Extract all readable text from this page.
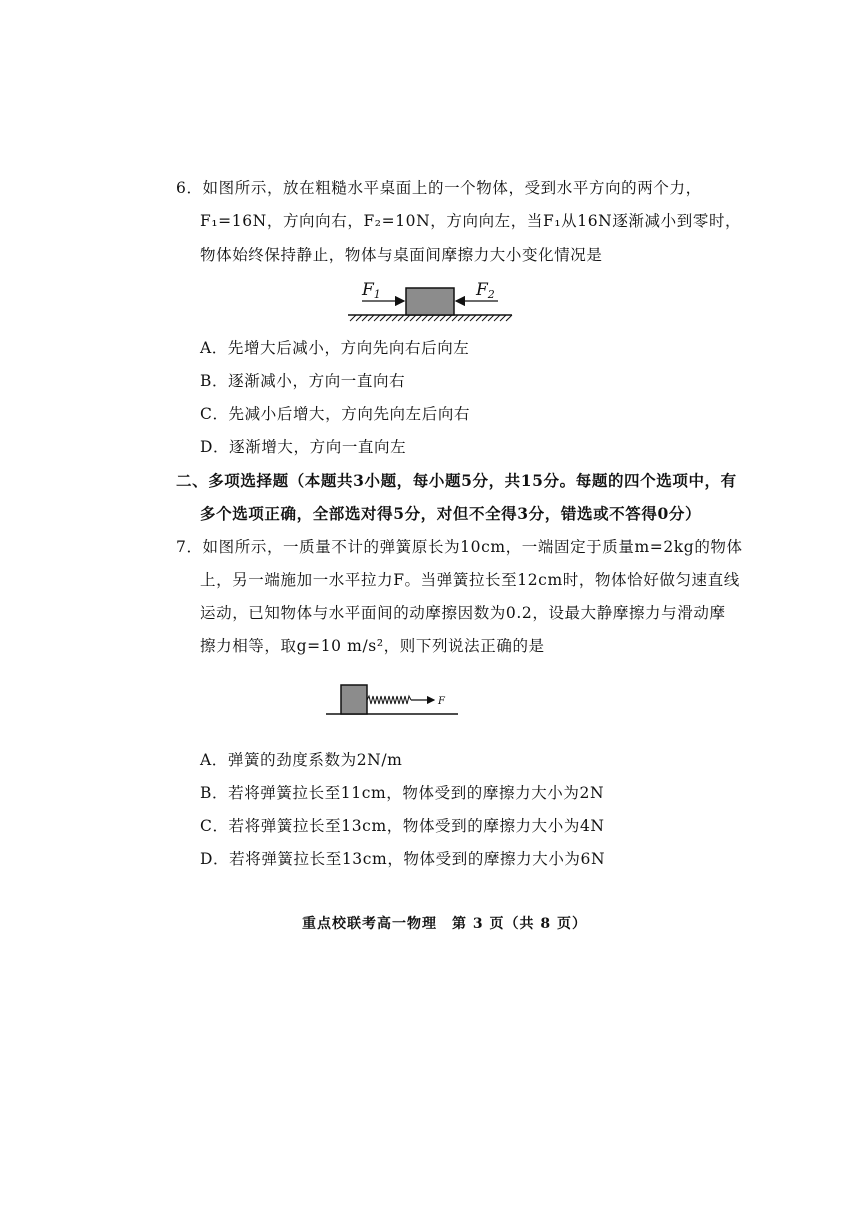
6．如图所示，放在粗糙水平桌面上的一个物体，受到水平方向的两个力，
F₁=16N，方向向右，F₂=10N，方向向左，当F₁从16N逐渐减小到零时，
物体始终保持静止，物体与桌面间摩擦力大小变化情况是
F1	F2
A．先增大后减小，方向先向右后向左
B．逐渐减小，方向一直向右
C．先减小后增大，方向先向左后向右
D．逐渐增大，方向一直向左
二、多项选择题（本题共3小题，每小题5分，共15分。每题的四个选项中，有
多个选项正确，全部选对得5分，对但不全得3分，错选或不答得0分）
7．如图所示，一质量不计的弹簧原长为10cm，一端固定于质量m=2kg的物体
上，另一端施加一水平拉力F。当弹簧拉长至12cm时，物体恰好做匀速直线
运动，已知物体与水平面间的动摩擦因数为0.2，设最大静摩擦力与滑动摩
擦力相等，取g=10 m/s²，则下列说法正确的是
F
A．弹簧的劲度系数为2N/m
B．若将弹簧拉长至11cm，物体受到的摩擦力大小为2N
C．若将弹簧拉长至13cm，物体受到的摩擦力大小为4N
D．若将弹簧拉长至13cm，物体受到的摩擦力大小为6N
重点校联考高一物理　第 3 页（共 8 页）
